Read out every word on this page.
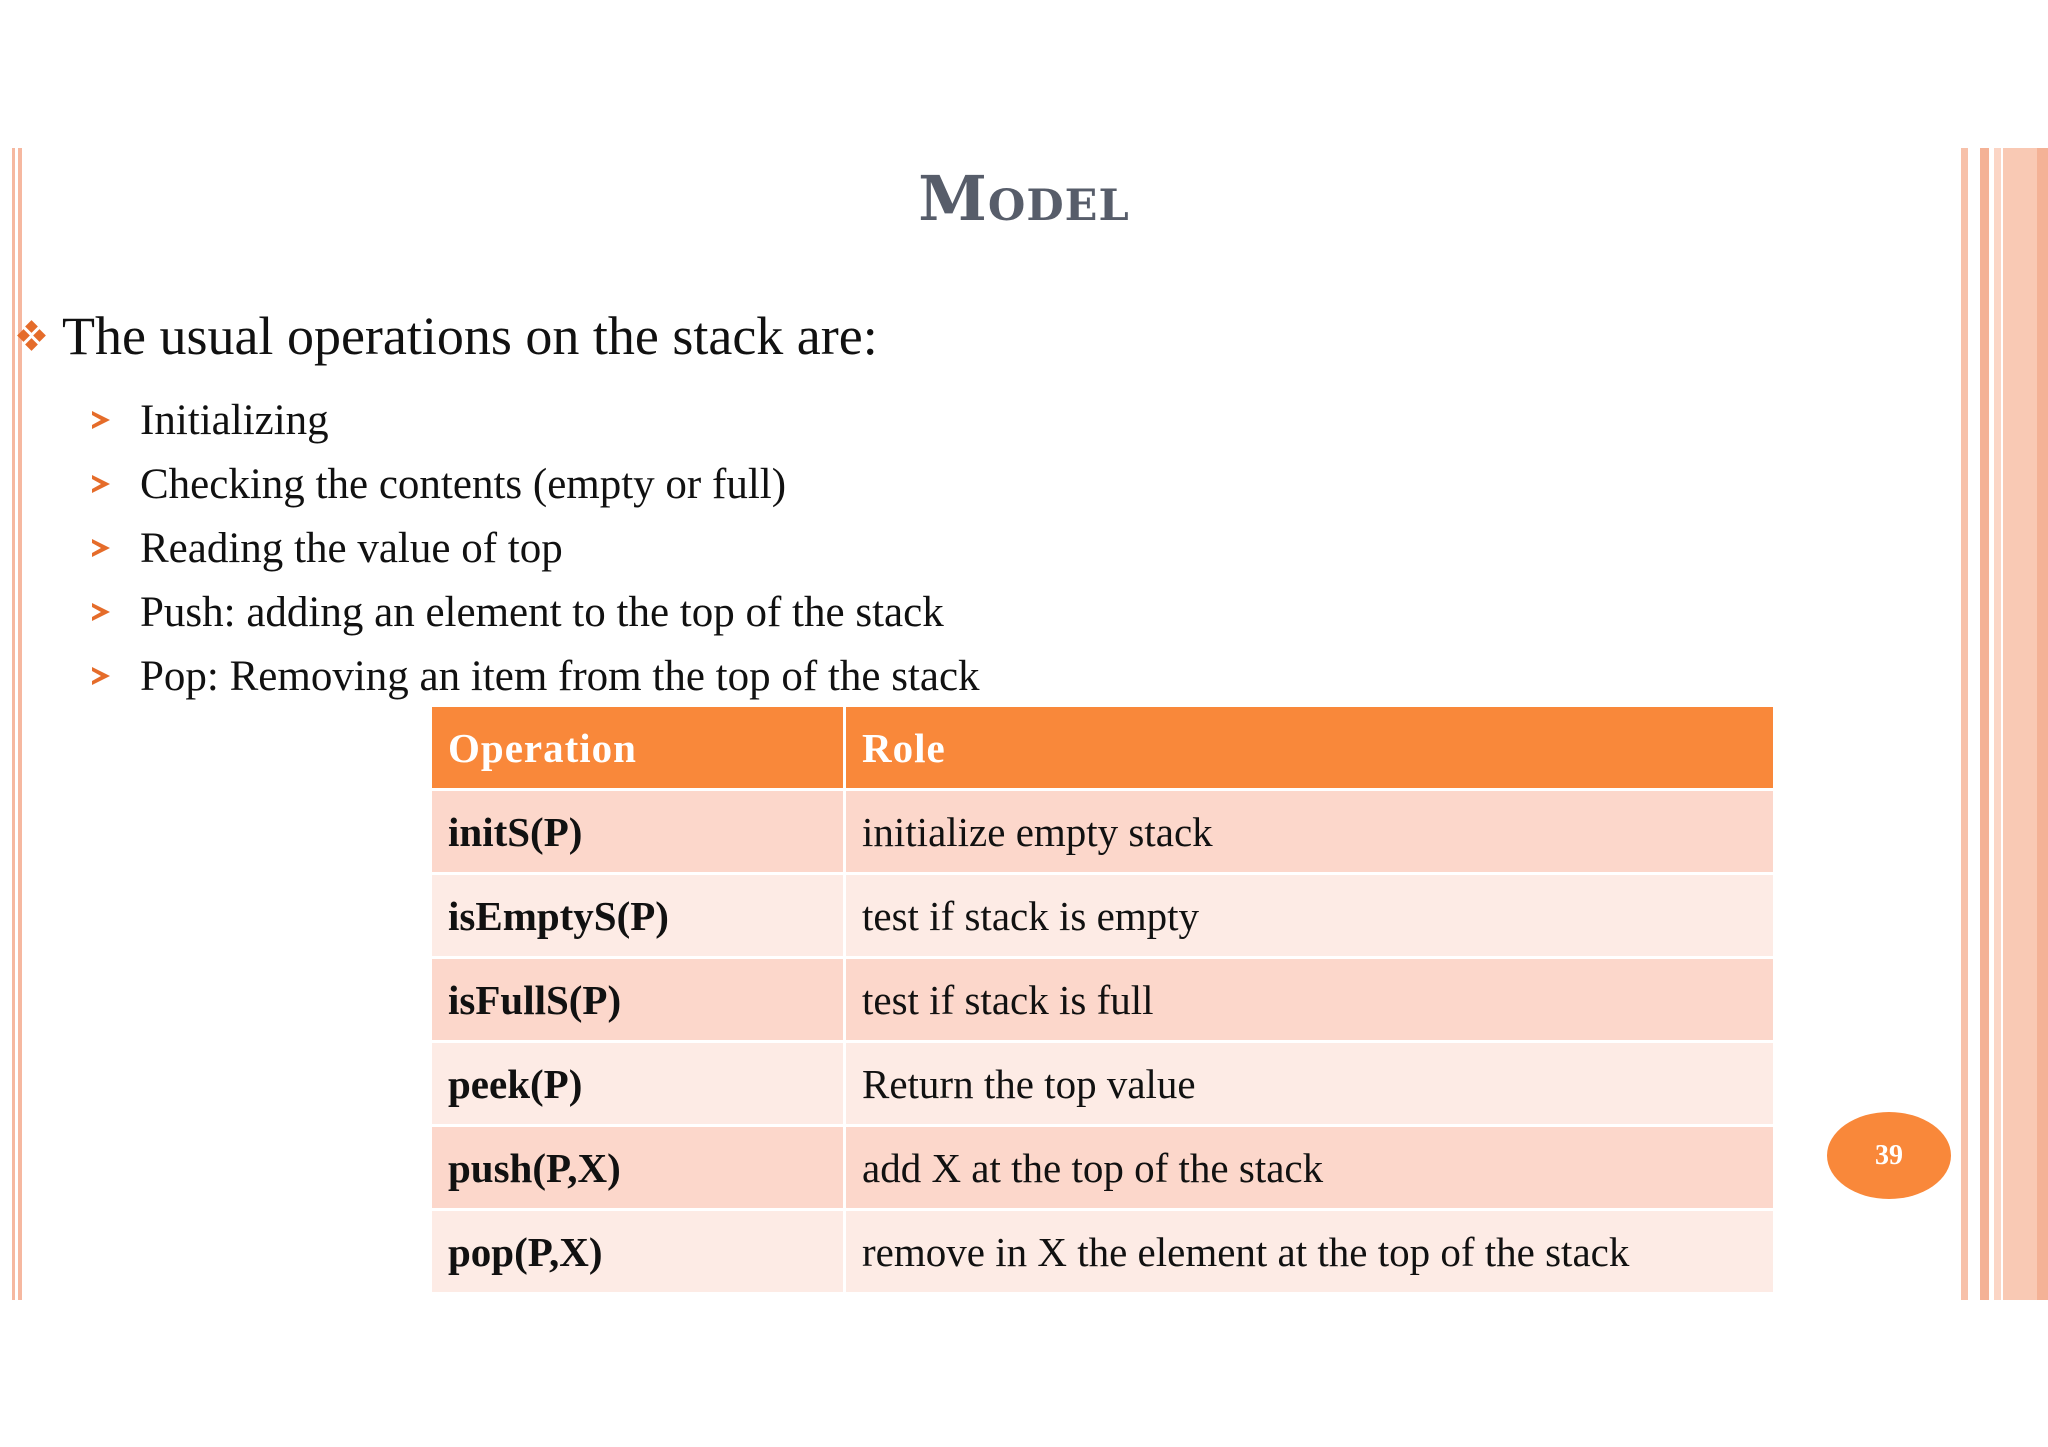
Model
The usual operations on the stack are:
Initializing
Checking the contents (empty or full)
Reading the value of top
Push: adding an element to the top of the stack
Pop: Removing an item from the top of the stack
Operation	Role
initS(P)	initialize empty stack
isEmptyS(P)	test if stack is empty
isFullS(P)	test if stack is full
peek(P)	Return the top value
push(P,X)	add X at the top of the stack
pop(P,X)	remove in X the element at the top of the stack
39
